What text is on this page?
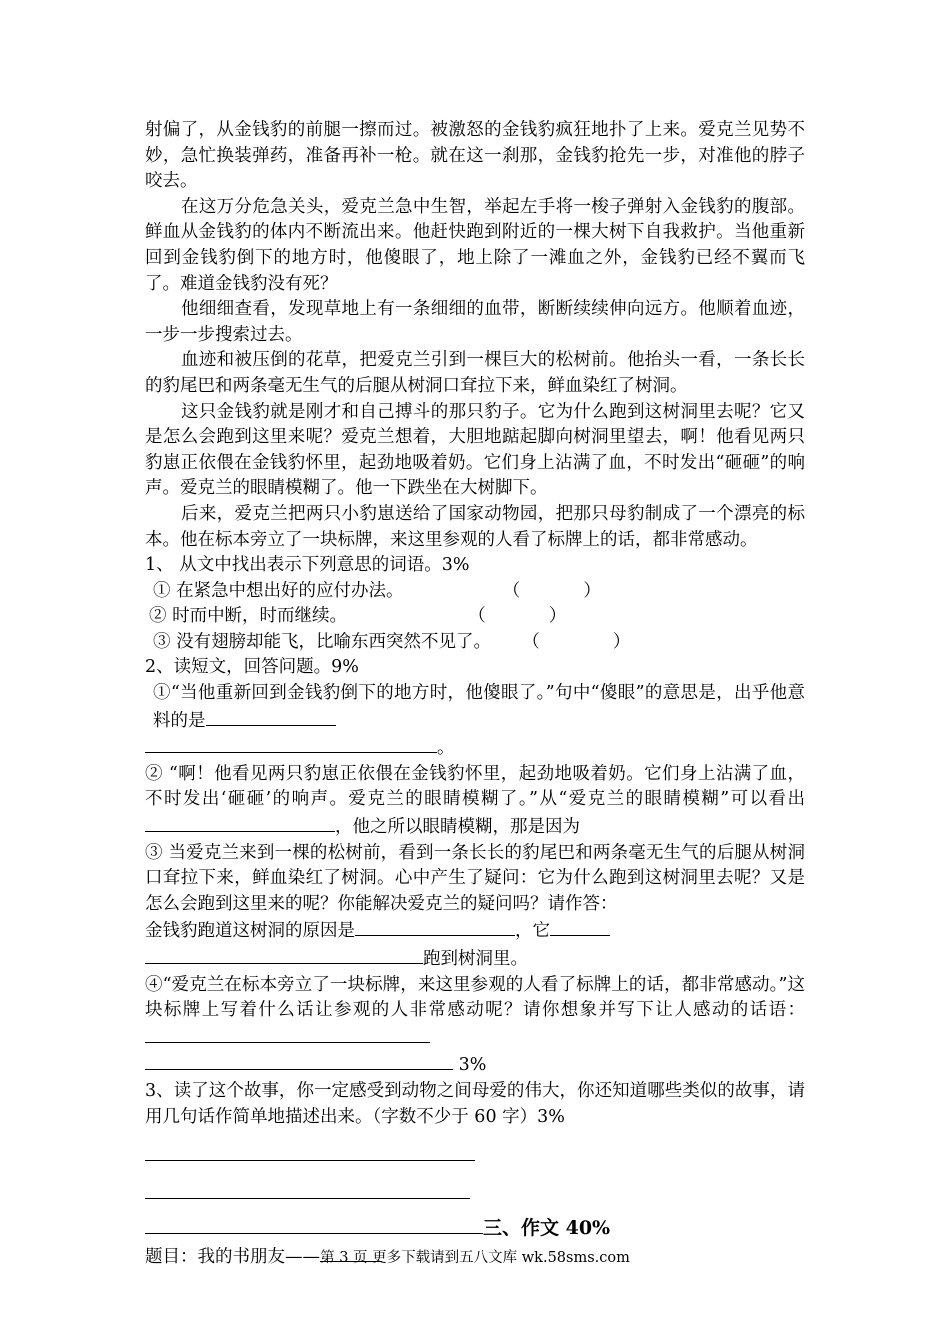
射偏了，从金钱豹的前腿一擦而过。被激怒的金钱豹疯狂地扑了上来。爱克兰见势不妙，急忙换装弹药，准备再补一枪。就在这一刹那，金钱豹抢先一步，对准他的脖子咬去。

在这万分危急关头，爱克兰急中生智，举起左手将一梭子弹射入金钱豹的腹部。鲜血从金钱豹的体内不断流出来。他赶快跑到附近的一棵大树下自我救护。当他重新回到金钱豹倒下的地方时，他傻眼了，地上除了一滩血之外，金钱豹已经不翼而飞了。难道金钱豹没有死？

他细细查看，发现草地上有一条细细的血带，断断续续伸向远方。他顺着血迹，一步一步搜索过去。

血迹和被压倒的花草，把爱克兰引到一棵巨大的松树前。他抬头一看，一条长长的豹尾巴和两条毫无生气的后腿从树洞口耷拉下来，鲜血染红了树洞。

这只金钱豹就是刚才和自己搏斗的那只豹子。它为什么跑到这树洞里去呢？它又是怎么会跑到这里来呢？爱克兰想着，大胆地踮起脚向树洞里望去，啊！他看见两只豹崽正依偎在金钱豹怀里，起劲地吸着奶。它们身上沾满了血，不时发出“砸砸”的响声。爱克兰的眼睛模糊了。他一下跌坐在大树脚下。

后来，爱克兰把两只小豹崽送给了国家动物园，把那只母豹制成了一个漂亮的标本。他在标本旁立了一块标牌，来这里参观的人看了标牌上的话，都非常感动。

1、 从文中找出表示下列意思的词语。3%

① 在紧急中想出好的应付办法。	（	）

② 时而中断，时而继续。	（	）

③ 没有翅膀却能飞，比喻东西突然不见了。 （	）

2、读短文，回答问题。9%

①“当他重新回到金钱豹倒下的地方时，他傻眼了。”句中“傻眼”的意思是，出乎他意料的是

。

② “啊！他看见两只豹崽正依偎在金钱豹怀里，起劲地吸着奶。它们身上沾满了血，不时发出‘砸砸’的响声。爱克兰的眼睛模糊了。”从“爱克兰的眼睛模糊”可以看出，他之所以眼睛模糊，那是因为

③ 当爱克兰来到一棵的松树前，看到一条长长的豹尾巴和两条毫无生气的后腿从树洞口耷拉下来，鲜血染红了树洞。心中产生了疑问：它为什么跑到这树洞里去呢？又是怎么会跑到这里来的呢？你能解决爱克兰的疑问吗？请作答：

金钱豹跑道这树洞的原因是	，它

跑到树洞里。

④“爱克兰在标本旁立了一块标牌，来这里参观的人看了标牌上的话，都非常感动。”这块标牌上写着什么话让参观的人非常感动呢？请你想象并写下让人感动的话语：

3%

3、读了这个故事，你一定感受到动物之间母爱的伟大，你还知道哪些类似的故事，请用几句话作简单地描述出来。（字数不少于 60 字）3%

三、作文 40%

题目：我的书朋友—— 第 3 页 更多下载请到五八文库 wk.58sms.com
